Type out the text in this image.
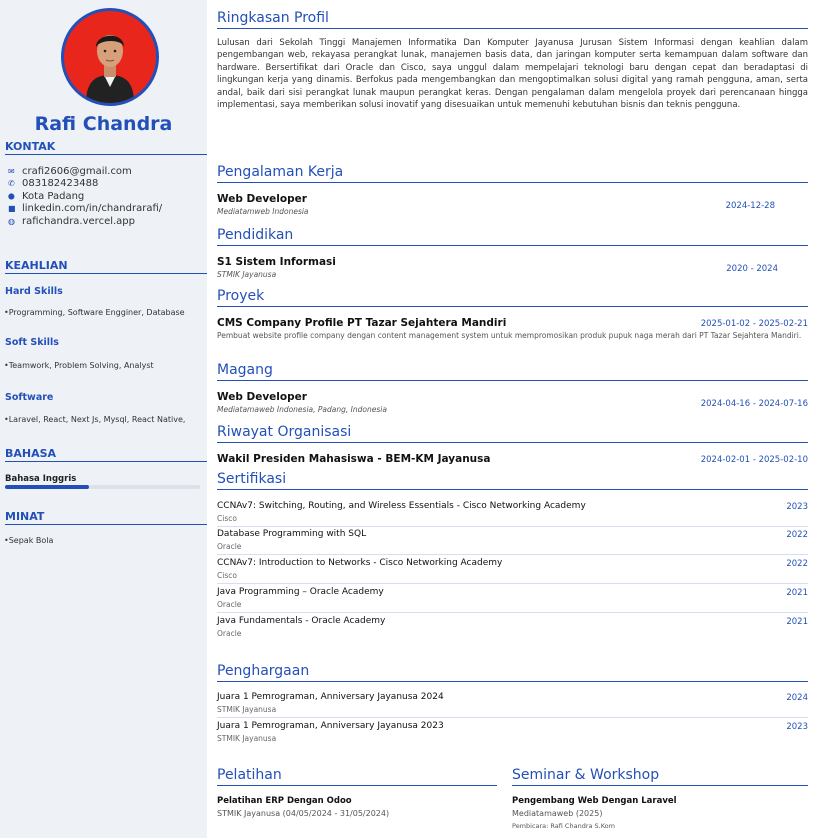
Rafi Chandra
KONTAK
✉ crafi2606@gmail.com
✆ 083182423488
⬤ Kota Padang
■ linkedin.com/in/chandrarafi/
◍ rafichandra.vercel.app
KEAHLIAN
Hard Skills
•Programming, Software Engginer, Database
Soft Skills
•Teamwork, Problem Solving, Analyst
Software
•Laravel, React, Next Js, Mysql, React Native,
BAHASA
Bahasa Inggris
MINAT
•Sepak Bola
Ringkasan Profil
Lulusan dari Sekolah Tinggi Manajemen Informatika Dan Komputer Jayanusa Jurusan Sistem Informasi dengan keahlian dalam pengembangan web, rekayasa perangkat lunak, manajemen basis data, dan jaringan komputer serta kemampuan dalam software dan hardware. Bersertifikat dari Oracle dan Cisco, saya unggul dalam mempelajari teknologi baru dengan cepat dan beradaptasi di lingkungan kerja yang dinamis. Berfokus pada mengembangkan dan mengoptimalkan solusi digital yang ramah pengguna, aman, serta andal, baik dari sisi perangkat lunak maupun perangkat keras. Dengan pengalaman dalam mengelola proyek dari perencanaan hingga implementasi, saya memberikan solusi inovatif yang disesuaikan untuk memenuhi kebutuhan bisnis dan teknis pengguna.
Pengalaman Kerja
Web Developer
Mediatamweb Indonesia
2024-12-28
Pendidikan
S1 Sistem Informasi
STMIK Jayanusa
2020 - 2024
Proyek
CMS Company Profile PT Tazar Sejahtera Mandiri	2025-01-02 - 2025-02-21
Pembuat website profile company dengan content management system untuk mempromosikan produk pupuk naga merah dari PT Tazar Sejahtera Mandiri.
Magang
Web Developer
Mediatamaweb Indonesia, Padang, Indonesia
2024-04-16 - 2024-07-16
Riwayat Organisasi
Wakil Presiden Mahasiswa - BEM-KM Jayanusa	2024-02-01 - 2025-02-10
Sertifikasi
CCNAv7: Switching, Routing, and Wireless Essentials - Cisco Networking Academy	2023
Cisco
Database Programming with SQL	2022
Oracle
CCNAv7: Introduction to Networks - Cisco Networking Academy	2022
Cisco
Java Programming – Oracle Academy	2021
Oracle
Java Fundamentals - Oracle Academy	2021
Oracle
Penghargaan
Juara 1 Pemrograman, Anniversary Jayanusa 2024	2024
STMIK Jayanusa
Juara 1 Pemrograman, Anniversary Jayanusa 2023	2023
STMIK Jayanusa
Pelatihan
Pelatihan ERP Dengan Odoo
STMIK Jayanusa (04/05/2024 - 31/05/2024)
Seminar & Workshop
Pengembang Web Dengan Laravel
Mediatamaweb (2025)
Pembicara: Rafi Chandra S.Kom
